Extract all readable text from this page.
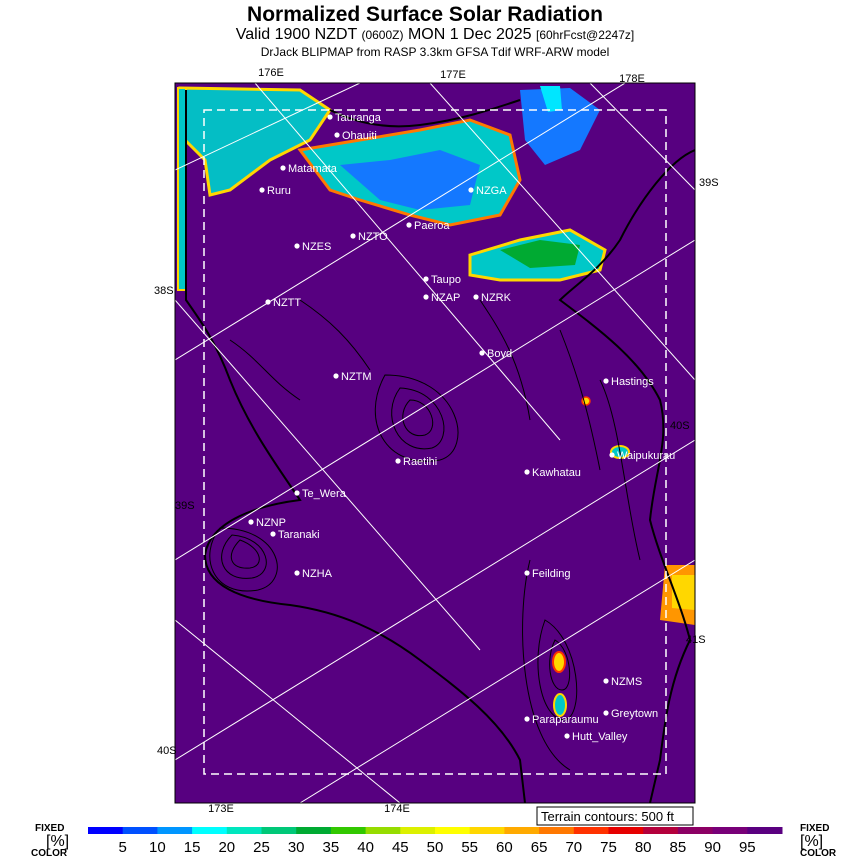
Normalized Surface Solar Radiation
Valid 1900 NZDT (0600Z) MON 1 Dec 2025 [60hrFcst@2247z]
DrJack BLIPMAP from RASP 3.3km GFSA Tdif WRF-ARW model
Tauranga
Ohauiti
Matamata
Ruru	NZGA
Paeroa
NZES
NZTO
Taupo
NZAP NZRK
NZTT
Boyd
NZTM	Hastings
Waipukurau
Raetihi
Kawhatau
Te_Wera
NZNP
Taranaki
NZHA	Feilding
NZMS
Greytown
Paraparaumu
Hutt_Valley
176E	177E	178E
173E	174E
38S
39S
40S
39S
40S
41S
Terrain contours: 500 ft
5 10 15 20 25 30 35 40 45 50 55 60 65 70 75 80 85 90 95
FIXED
[%]
COLOR
FIXED
[%]
COLOR
